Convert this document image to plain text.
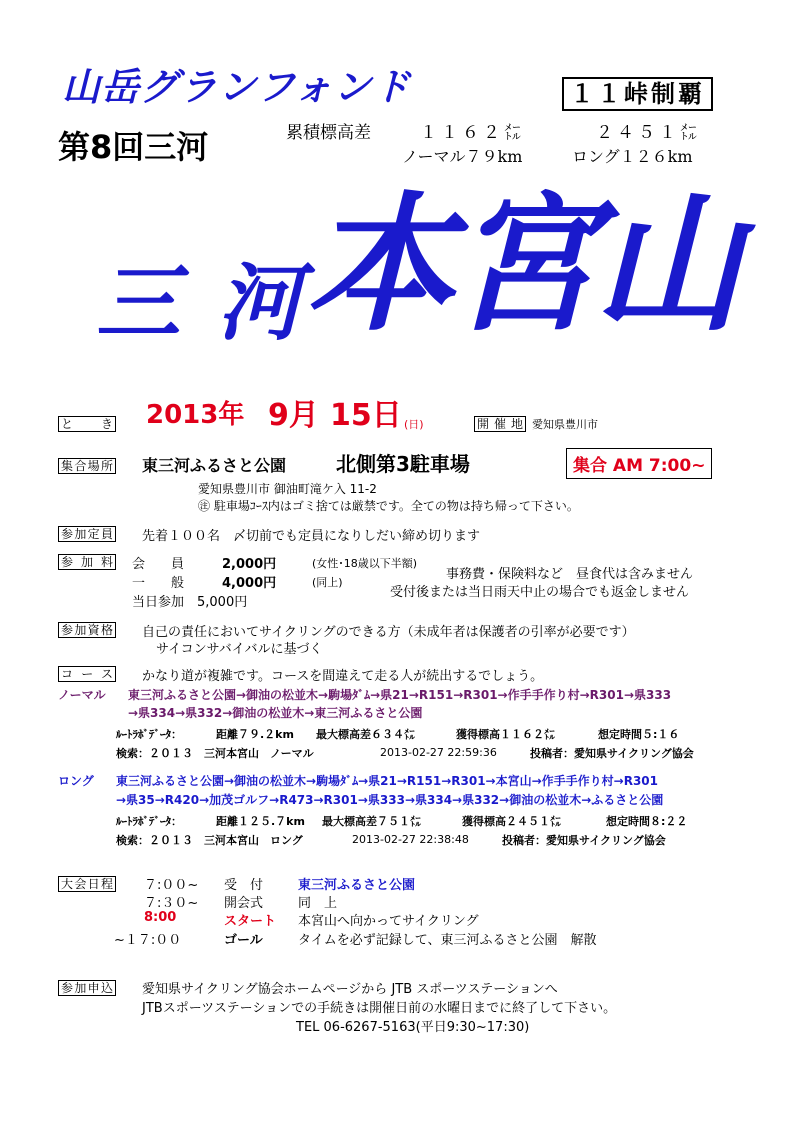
山岳グランフォンド	１１峠制覇
第8回三河	累積標高差	１１６２㍍	２４５１㍍
ノーマル７９km	ロング１２６km
三 河 本宮山
と　き 2013年 9月 15日 (日)	開催地 愛知県豊川市
集合場所 東三河ふるさと公園 北側第3駐車場	集合 AM 7:00~
愛知県豊川市 御油町滝ケ入 11-2
㊟ 駐車場ｺｰｽ内はゴミ捨ては厳禁です。全ての物は持ち帰って下さい。
参加定員 先着１００名　〆切前でも定員になりしだい締め切ります
参加料 会　　員	2,000円	(女性･18歳以下半額)
一　　般	4,000円	(同上)
当日参加　5,000円
事務費・保険料など　昼食代は含みません
受付後または当日雨天中止の場合でも返金しません
参加資格 自己の責任においてサイクリングのできる方（未成年者は保護者の引率が必要です）
サイコンサバイバルに基づく
コース かなり道が複雑です。コースを間違えて走る人が続出するでしょう。
ノーマル 東三河ふるさと公園→御油の松並木→駒場ﾀﾞﾑ→県21→R151→R301→作手手作り村→R301→県333
→県334→県332→御油の松並木→東三河ふるさと公園
ﾙｰﾄﾗﾎﾞﾃﾞｰﾀ：	距離７９.２km 最大標高差６３４㍍	獲得標高１１６２㍍	想定時間５:１６
検索：２０１３　三河本宮山　ノーマル	2013-02-27 22:59:36	投稿者：愛知県サイクリング協会
ロング 東三河ふるさと公園→御油の松並木→駒場ﾀﾞﾑ→県21→R151→R301→本宮山→作手手作り村→R301
→県35→R420→加茂ゴルフ→R473→R301→県333→県334→県332→御油の松並木→ふるさと公園
ﾙｰﾄﾗﾎﾞﾃﾞｰﾀ：	距離１２５.７km 最大標高差７５１㍍	獲得標高２４５１㍍	想定時間８:２２
検索：２０１３　三河本宮山　ロング	2013-02-27 22:38:48	投稿者：愛知県サイクリング協会
大会日程 ７:００~ 受　付	東三河ふるさと公園
７:３０~ 開会式	同　上
8:00	スタート 本宮山へ向かってサイクリング
~１７:００	ゴール	タイムを必ず記録して、東三河ふるさと公園　解散
参加申込 愛知県サイクリング協会ホームページから JTB スポーツステーションへ
JTBスポーツステーションでの手続きは開催日前の水曜日までに終了して下さい。
TEL 06-6267-5163(平日9:30~17:30)
